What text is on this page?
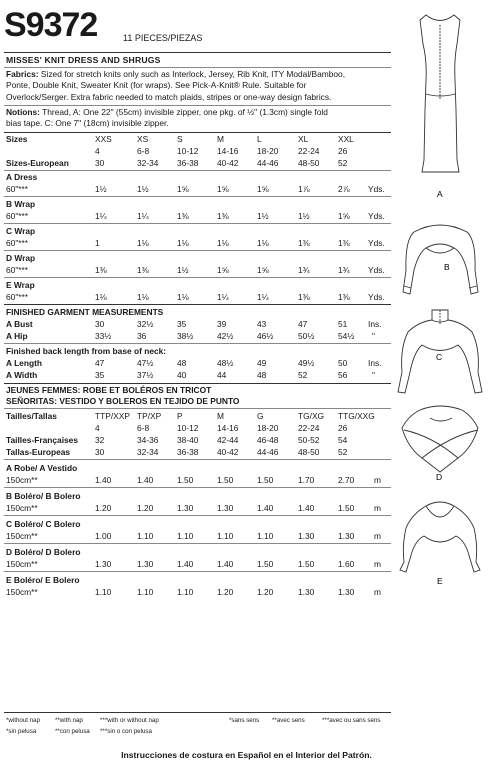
S9372	11 PIECES/PIEZAS
MISSES' KNIT DRESS AND SHRUGS
Fabrics: Sized for stretch knits only such as Interlock, Jersey, Rib Knit, ITY Modal/Bamboo,
Ponte, Double Knit, Sweater Knit (for wraps). See Pick-A-Knit® Rule. Suitable for
Overlock/Serger. Extra fabric needed to match plaids, stripes or one-way design fabrics.
Notions: Thread, A: One 22" (55cm) invisible zipper, one pkg. of ½" (1.3cm) single fold
bias tape. C: One 7" (18cm) invisible zipper.
Sizes	XXS	XS	S	M	L	XL	XXL
4	6-8	10-12 14-16 18-20 22-24 26
Sizes-European	30	32-34 36-38 40-42 44-46 48-50 52
A Dress
60"***	1½	1½	1⅝	1⅝	1⅝	1⅞	2⅞ Yds.
B Wrap
60"***	1¼	1¼	1⅜	1⅜	1½	1½	1⅝ Yds.
C Wrap
60"***	1	1⅛	1⅛	1⅛	1⅛	1⅜	1⅜ Yds.
D Wrap
60"***	1⅜	1⅜	1½	1⅝	1⅝	1¾	1¾ Yds.
E Wrap
60"***	1⅛	1⅛	1⅛	1¼	1¼	1⅜	1⅜ Yds.
FINISHED GARMENT MEASUREMENTS
A Bust	30	32½	35	39	43	47	51 Ins.
A Hip	33½	36	38½	42½	46½	50½	54½ "
Finished back length from base of neck:
A Length	47	47½	48	48½	49	49½	50 Ins.
A Width	35	37½	40	44	48	52	56	"
JEUNES FEMMES: ROBE ET BOLÉROS EN TRICOT
SEÑORITAS: VESTIDO Y BOLEROS EN TEJIDO DE PUNTO
Tailles/Tallas	TTP/XXP TP/XP P	M	G	TG/XG TTG/XXG
4	6-8	10-12 14-16 18-20 22-24 26
Tailles-Françaises 32	34-36 38-40 42-44 46-48 50-52 54
Tallas-Europeas	30	32-34 36-38 40-42 44-46 48-50 52
A Robe/ A Vestido
150cm**	1.40	1.40	1.50	1.50	1.50	1.70	2.70 m
B Boléro/ B Bolero
150cm**	1.20	1.20	1.30	1.30	1.40	1.40	1.50 m
C Boléro/ C Bolero
150cm**	1.00	1.10	1.10	1.10	1.10	1.30	1.30 m
D Boléro/ D Bolero
150cm**	1.30	1.30	1.40	1.40	1.50	1.50	1.60 m
E Boléro/ E Bolero
150cm**	1.10	1.10	1.10	1.20	1.20	1.30	1.30 m
*without nap **with nap	***with or without nap	*sans sens **avec sens	***avec ou sans sens
*sin pelusa	**con pelusa ***sin o con pelusa
Instrucciones de costura en Español en el Interior del Patrón.
A
B
C
D
E
